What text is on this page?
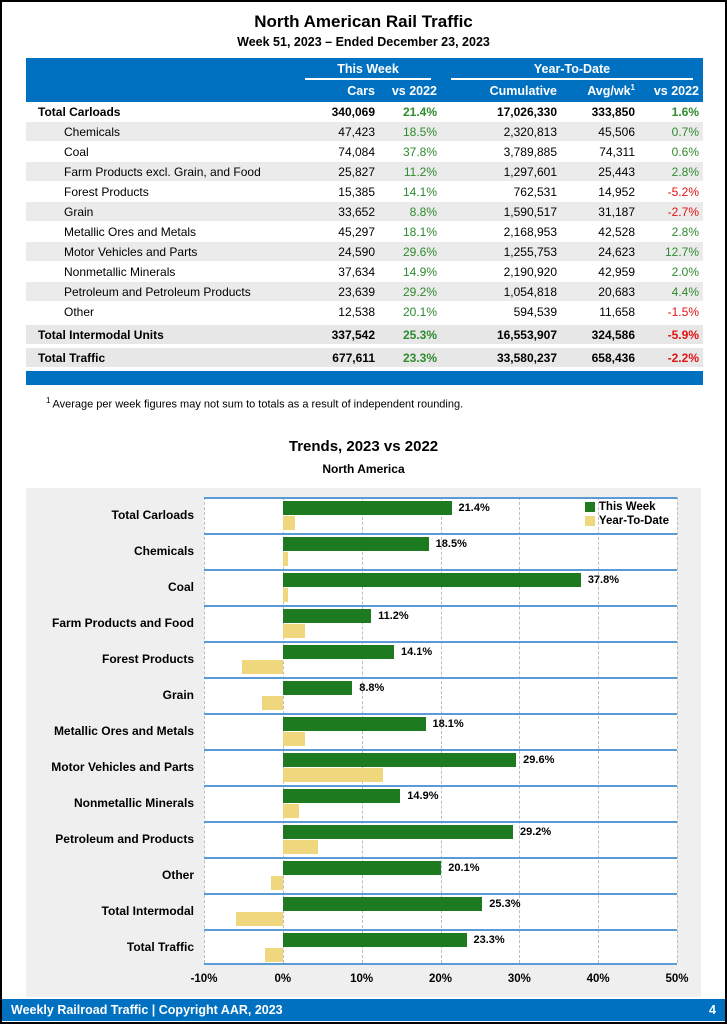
North American Rail Traffic
Week 51, 2023 – Ended December 23, 2023
This Week	Year-To-Date
Cars	vs 2022	Cumulative	Avg/$wk^1$	vs 2022
Total Carloads	340,069	21.4%	17,026,330	333,850	1.6%
Chemicals	47,423	18.5%	2,320,813	45,506	0.7%
Coal	74,084	37.8%	3,789,885	74,311	0.6%
Farm Products excl. Grain, and Food	25,827	11.2%	1,297,601	25,443	2.8%
Forest Products	15,385	14.1%	762,531	14,952	-5.2%
Grain	33,652	8.8%	1,590,517	31,187	-2.7%
Metallic Ores and Metals	45,297	18.1%	2,168,953	42,528	2.8%
Motor Vehicles and Parts	24,590	29.6%	1,255,753	24,623	12.7%
Nonmetallic Minerals	37,634	14.9%	2,190,920	42,959	2.0%
Petroleum and Petroleum Products	23,639	29.2%	1,054,818	20,683	4.4%
Other	12,538	20.1%	594,539	11,658	-1.5%
Total Intermodal Units	337,542	25.3%	16,553,907	324,586	-5.9%
Total Traffic	677,611	23.3%	33,580,237	658,436	-2.2%
$^1$ Average per week figures may not sum to totals as a result of independent rounding.
Trends, 2023 vs 2022
North America
Total Carloads
Chemicals
Coal
Farm Products and Food
Forest Products
Grain
Metallic Ores and Metals
Motor Vehicles and Parts
Nonmetallic Minerals
Petroleum and Products
Other
Total Intermodal
Total Traffic
This Week
Year-To-Date
21.4%
18.5%
37.8%
11.2%
14.1%
8.8%
18.1%
29.6%
14.9%
29.2%
20.1%
25.3%
23.3%
-10%	0%	10%	20%	30%	40%	50%
Weekly Railroad Traffic | Copyright AAR, 2023	4
